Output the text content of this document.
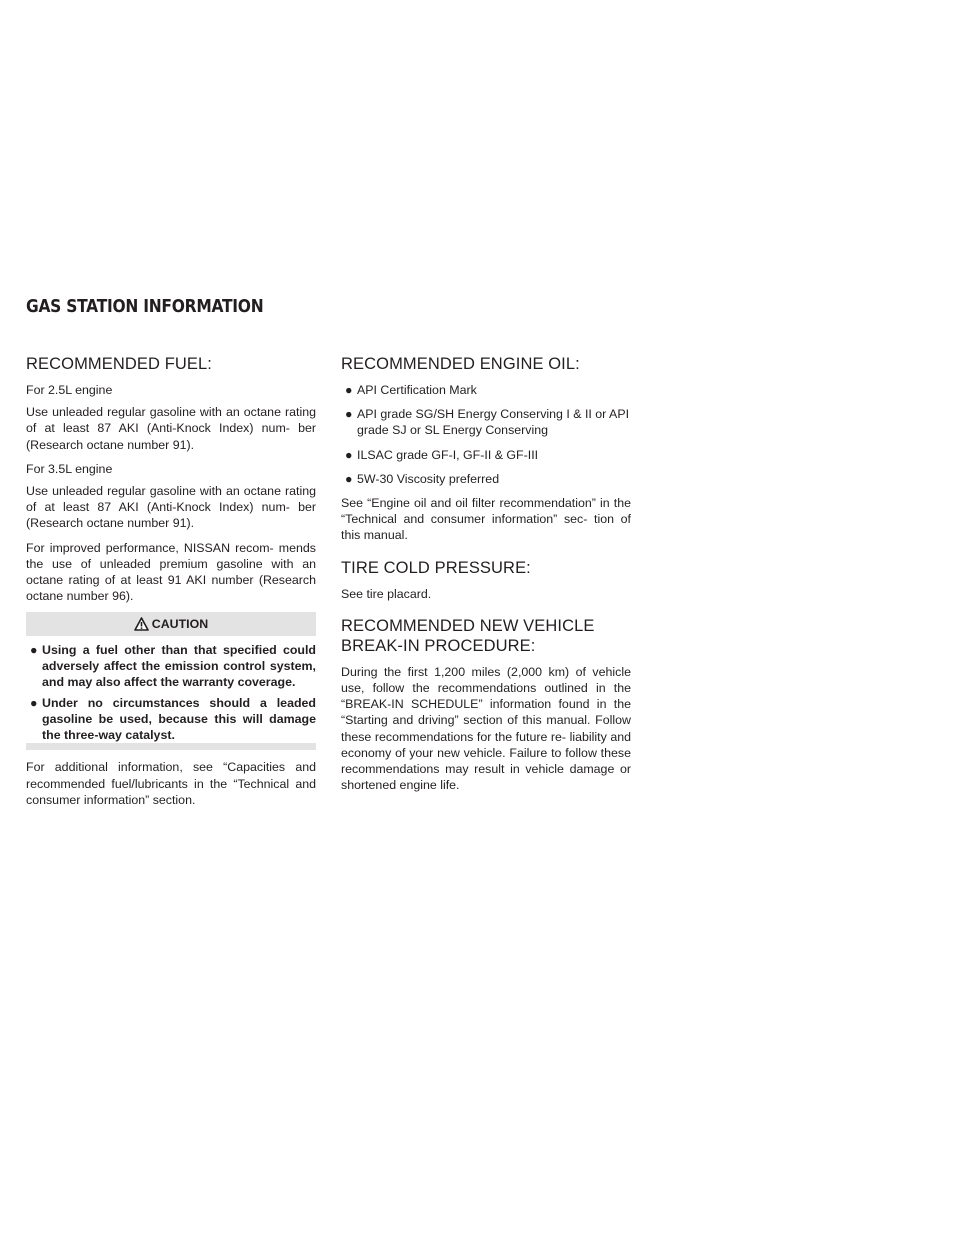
GAS STATION INFORMATION
RECOMMENDED FUEL:

For 2.5L engine

Use unleaded regular gasoline with an octane rating of at least 87 AKI (Anti-Knock Index) num- ber (Research octane number 91).

For 3.5L engine

Use unleaded regular gasoline with an octane rating of at least 87 AKI (Anti-Knock Index) num- ber (Research octane number 91).

For improved performance, NISSAN recom- mends the use of unleaded premium gasoline with an octane rating of at least 91 AKI number (Research octane number 96).

CAUTION
● Using a fuel other than that specified could adversely affect the emission control system, and may also affect the warranty coverage.
● Under no circumstances should a leaded gasoline be used, because this will damage the three-way catalyst.

For additional information, see “Capacities and recommended fuel/lubricants in the “Technical and consumer information” section.

RECOMMENDED ENGINE OIL:
● API Certification Mark
● API grade SG/SH Energy Conserving I & II or API grade SJ or SL Energy Conserving
● ILSAC grade GF-I, GF-II & GF-III
● 5W-30 Viscosity preferred

See “Engine oil and oil filter recommendation” in the “Technical and consumer information” sec- tion of this manual.

TIRE COLD PRESSURE:

See tire placard.

RECOMMENDED NEW VEHICLE
BREAK-IN PROCEDURE:

During the first 1,200 miles (2,000 km) of vehicle use, follow the recommendations outlined in the “BREAK-IN SCHEDULE” information found in the “Starting and driving” section of this manual. Follow these recommendations for the future re- liability and economy of your new vehicle. Failure to follow these recommendations may result in vehicle damage or shortened engine life.
